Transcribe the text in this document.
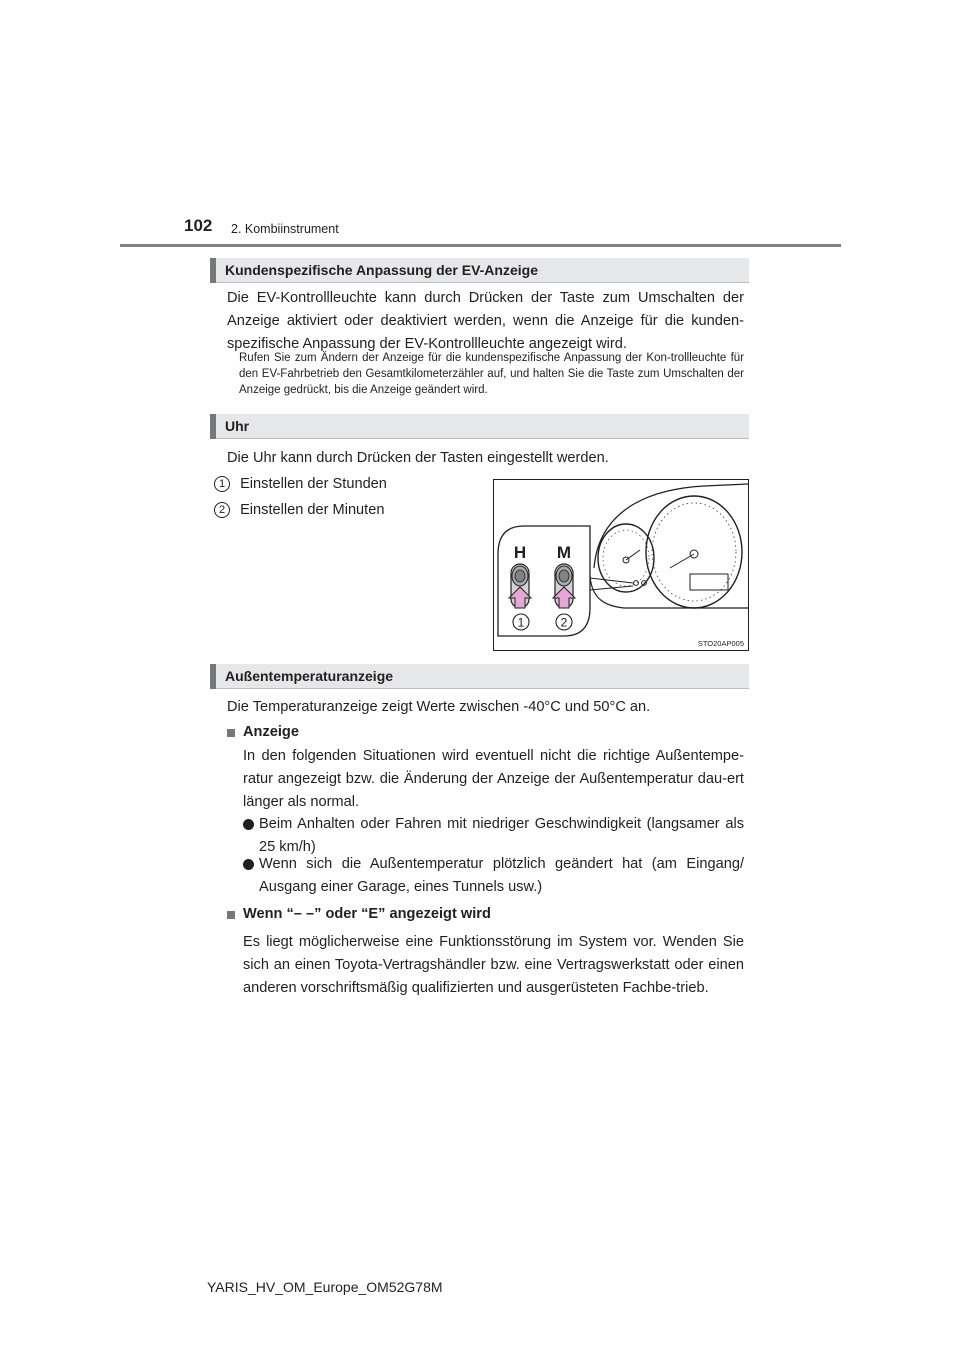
102 2. Kombiinstrument
Kundenspezifische Anpassung der EV-Anzeige
Die EV-Kontrollleuchte kann durch Drücken der Taste zum Umschalten der Anzeige aktiviert oder deaktiviert werden, wenn die Anzeige für die kunden-spezifische Anpassung der EV-Kontrollleuchte angezeigt wird.
Rufen Sie zum Ändern der Anzeige für die kundenspezifische Anpassung der Kon-trollleuchte für den EV-Fahrbetrieb den Gesamtkilometerzähler auf, und halten Sie die Taste zum Umschalten der Anzeige gedrückt, bis die Anzeige geändert wird.
Uhr
Die Uhr kann durch Drücken der Tasten eingestellt werden.
1 Einstellen der Stunden
2 Einstellen der Minuten
H M
1	2
STO20AP005
Außentemperaturanzeige
Die Temperaturanzeige zeigt Werte zwischen -40°C und 50°C an.
Anzeige
In den folgenden Situationen wird eventuell nicht die richtige Außentempe-ratur angezeigt bzw. die Änderung der Anzeige der Außentemperatur dau-ert länger als normal.
Beim Anhalten oder Fahren mit niedriger Geschwindigkeit (langsamer als 25 km/h)
Wenn sich die Außentemperatur plötzlich geändert hat (am Eingang/ Ausgang einer Garage, eines Tunnels usw.)
Wenn “– –” oder “E” angezeigt wird
Es liegt möglicherweise eine Funktionsstörung im System vor. Wenden Sie sich an einen Toyota-Vertragshändler bzw. eine Vertragswerkstatt oder einen anderen vorschriftsmäßig qualifizierten und ausgerüsteten Fachbe-trieb.
YARIS_HV_OM_Europe_OM52G78M
